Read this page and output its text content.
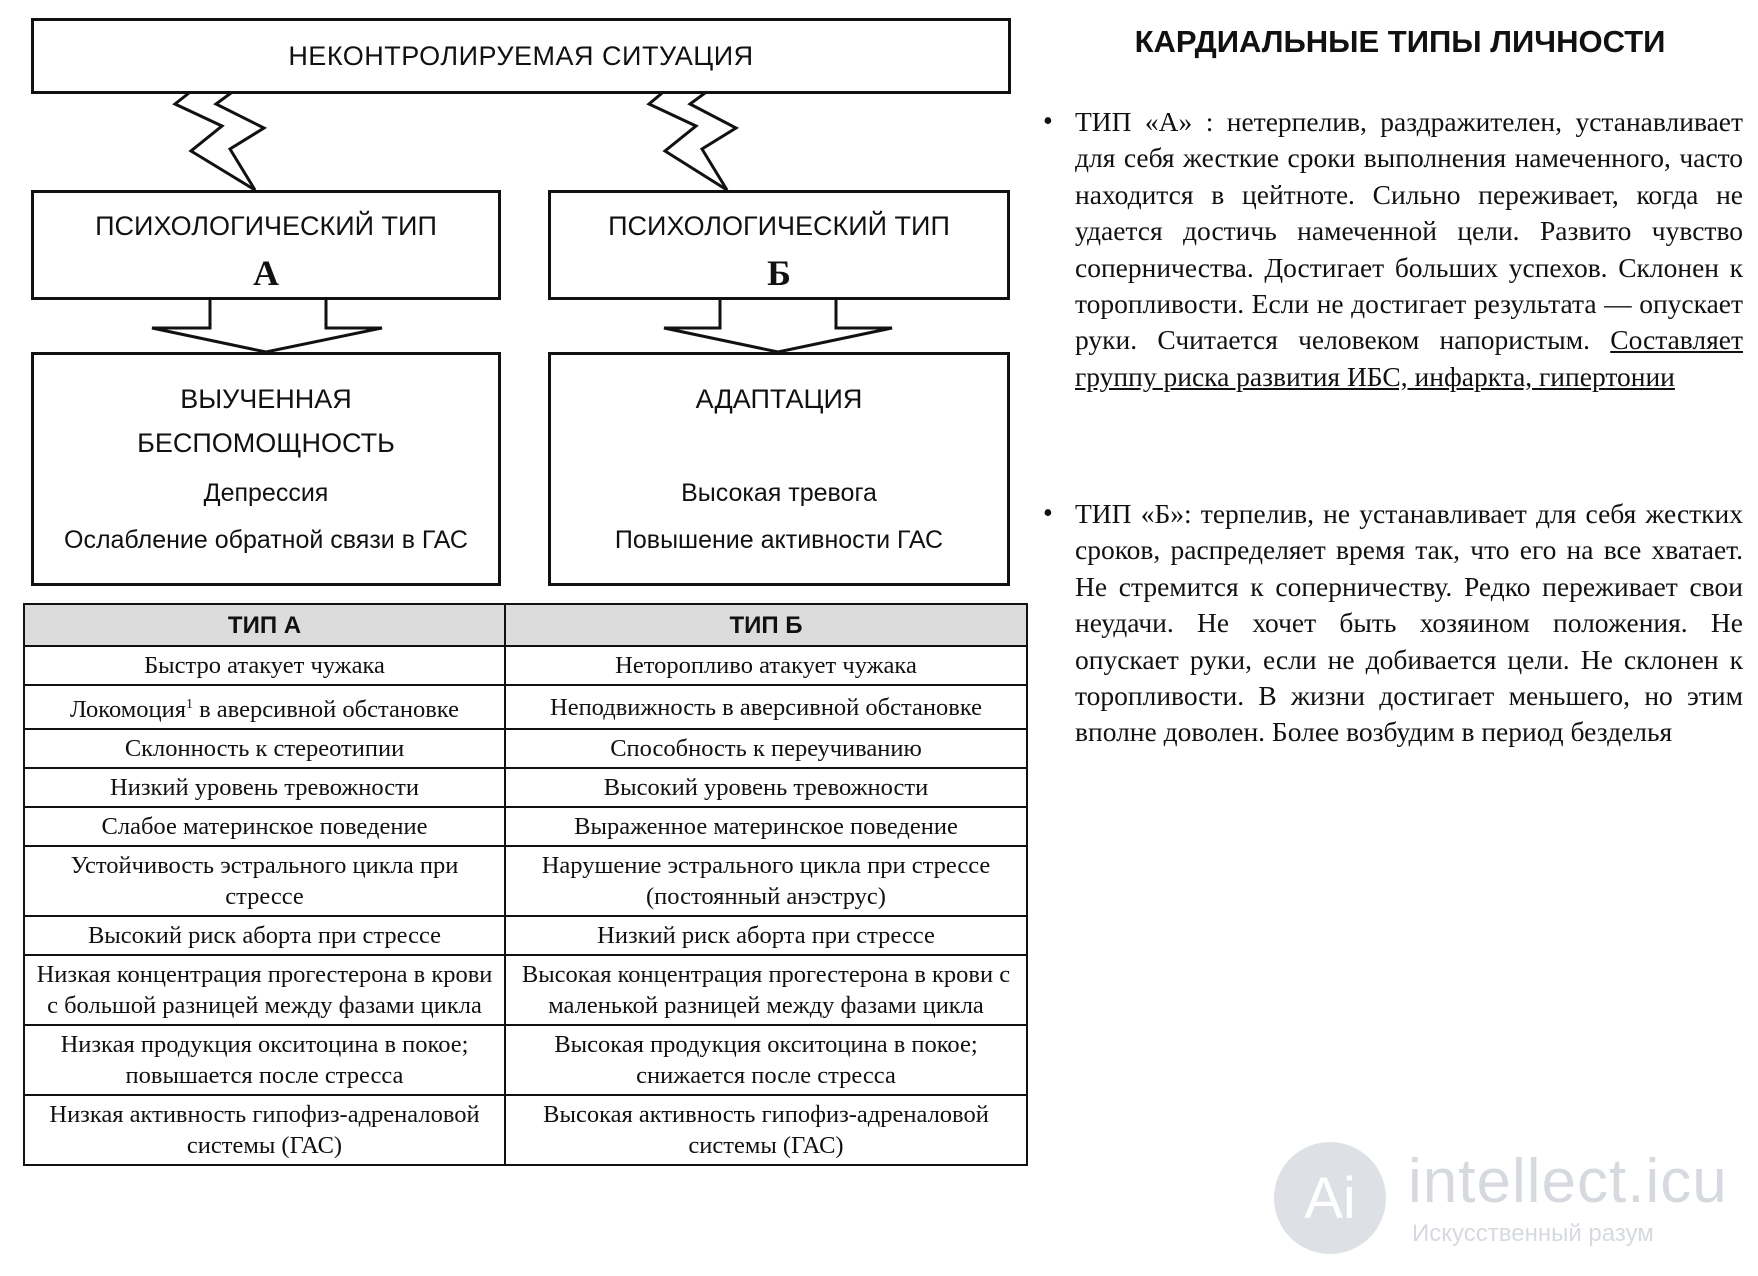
НЕКОНТРОЛИРУЕМАЯ СИТУАЦИЯ
ПСИХОЛОГИЧЕСКИЙ ТИП
А
ПСИХОЛОГИЧЕСКИЙ ТИП
Б
ВЫУЧЕННАЯ
БЕСПОМОЩНОСТЬ
Депрессия
Ослабление обратной связи в ГАС
АДАПТАЦИЯ
Высокая тревога
Повышение активности ГАС
ТИП А	ТИП Б
Быстро атакует чужака	Неторопливо атакует чужака
Локомоция$^1$ в аверсивной обстановке	Неподвижность в аверсивной обстановке
Склонность к стереотипии	Способность к переучиванию
Низкий уровень тревожности	Высокий уровень тревожности
Слабое материнское поведение	Выраженное материнское поведение
Устойчивость эстрального цикла при стрессе	Нарушение эстрального цикла при стрессе (постоянный анэструс)
Высокий риск аборта при стрессе	Низкий риск аборта при стрессе
Низкая концентрация прогестерона в крови с большой разницей между фазами цикла	Высокая концентрация прогестерона в крови с маленькой разницей между фазами цикла
Низкая продукция окситоцина в покое; повышается после стресса	Высокая продукция окситоцина в покое; снижается после стресса
Низкая активность гипофиз-адреналовой системы (ГАС)	Высокая активность гипофиз-адреналовой системы (ГАС)
КАРДИАЛЬНЫЕ ТИПЫ ЛИЧНОСТИ
• ТИП «А» : нетерпелив, раздражителен, устанавливает для себя жесткие сроки выполнения намеченного, часто находится в цейтноте. Сильно переживает, когда не удается достичь намеченной цели. Развито чувство соперничества. Достигает больших успехов. Склонен к торопливости. Если не достигает результата — опускает руки. Считается человеком напористым. Составляет группу риска развития ИБС, инфаркта, гипертонии
• ТИП «Б»: терпелив, не устанавливает для себя жестких сроков, распределяет время так, что его на все хватает. Не стремится к соперничеству. Редко переживает свои неудачи. Не хочет быть хозяином положения. Не опускает руки, если не добивается цели. Не склонен к торопливости. В жизни достигает меньшего, но этим вполне доволен. Более возбудим в период безделья
Ai intellect.icu
Искусственный разум
